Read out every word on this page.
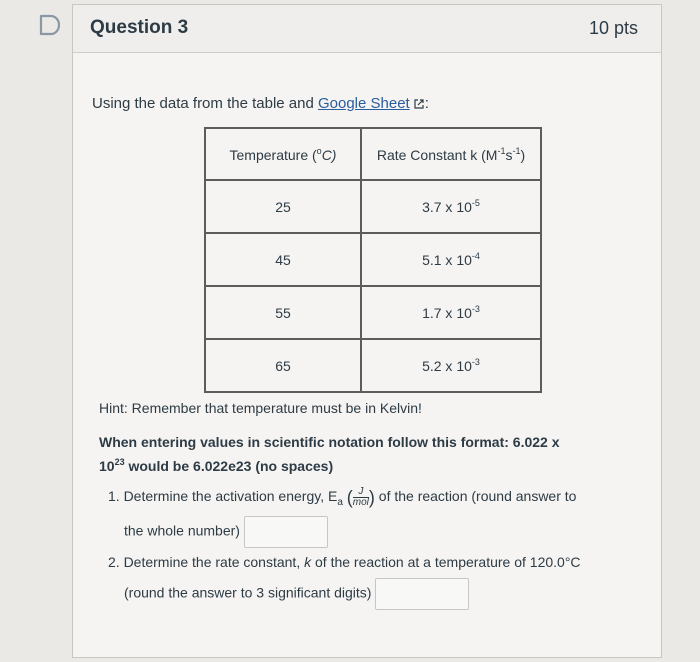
Question 3	10 pts
Using the data from the table and Google Sheet :
Temperature ($^o$C)	Rate Constant k $(M^{-1}s^{-1})$
25	3.7 x $10^{-5}$
45	5.1 x $10^{-4}$
55	1.7 x $10^{-3}$
65	5.2 x $10^{-3}$
Hint: Remember that temperature must be in Kelvin!
When entering values in scientific notation follow this format: 6.022 x
$10^{23}$ would be 6.022e23 (no spaces)
1. Determine the activation energy, $E_a$ ( $\frac{J}{\text{mol}}$ ) of the reaction (round answer to
the whole number)
2. Determine the rate constant, k of the reaction at a temperature of 120.0°C
(round the answer to 3 significant digits)
